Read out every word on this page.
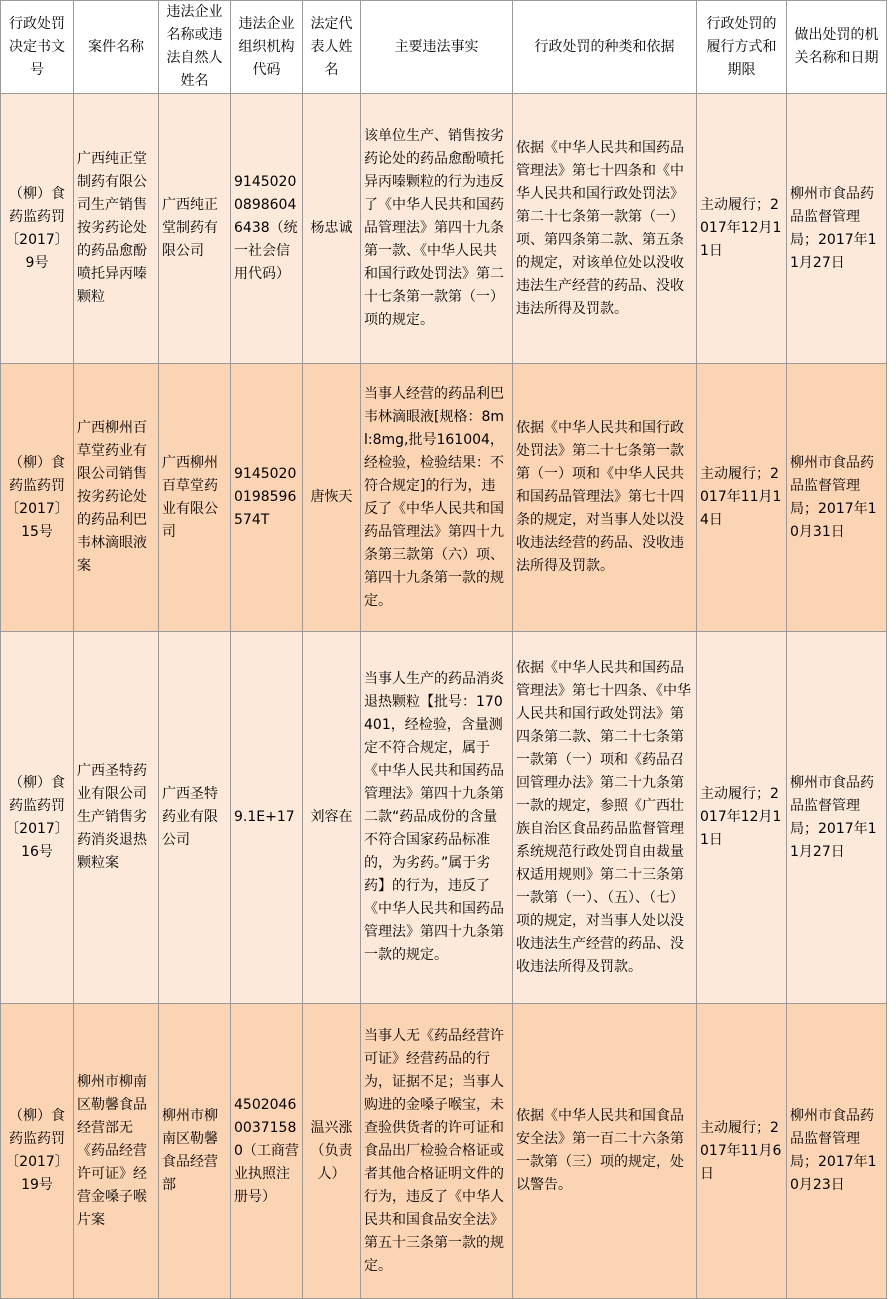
行政处罚决定书文号	案件名称	违法企业名称或违法自然人姓名	违法企业组织机构代码	法定代表人姓名	主要违法事实	行政处罚的种类和依据	行政处罚的履行方式和期限	做出处罚的机关名称和日期
（柳）食药监药罚〔2017〕9号	广西纯正堂制药有限公司生产销售按劣药论处的药品愈酚喷托异丙嗪颗粒	广西纯正堂制药有限公司	914502008986046438（统一社会信用代码）	杨忠诚	该单位生产、销售按劣药论处的药品愈酚喷托异丙嗪颗粒的行为违反了《中华人民共和国药品管理法》第四十九条第一款、《中华人民共和国行政处罚法》第二十七条第一款第（一）项的规定。	依据《中华人民共和国药品管理法》第七十四条和《中华人民共和国行政处罚法》第二十七条第一款第（一）项、第四条第二款、第五条的规定，对该单位处以没收违法生产经营的药品、没收违法所得及罚款。	主动履行；2017年12月11日	柳州市食品药品监督管理局；2017年11月27日
（柳）食药监药罚〔2017〕15号	广西柳州百草堂药业有限公司销售按劣药论处的药品利巴韦林滴眼液案	广西柳州百草堂药业有限公司	91450200198596574T	唐恢天	当事人经营的药品利巴韦林滴眼液[规格：8ml:8mg,批号161004，经检验，检验结果：不符合规定]的行为，违反了《中华人民共和国药品管理法》第四十九条第三款第（六）项、第四十九条第一款的规定。	依据《中华人民共和国行政处罚法》第二十七条第一款第（一）项和《中华人民共和国药品管理法》第七十四条的规定，对当事人处以没收违法经营的药品、没收违法所得及罚款。	主动履行；2017年11月14日	柳州市食品药品监督管理局；2017年10月31日
（柳）食药监药罚〔2017〕16号	广西圣特药业有限公司生产销售劣药消炎退热颗粒案	广西圣特药业有限公司	9.1E+17	刘容在	当事人生产的药品消炎退热颗粒【批号：170401，经检验，含量测定不符合规定，属于《中华人民共和国药品管理法》第四十九条第二款“药品成份的含量不符合国家药品标准的，为劣药。”属于劣药】的行为，违反了《中华人民共和国药品管理法》第四十九条第一款的规定。	依据《中华人民共和国药品管理法》第七十四条、《中华人民共和国行政处罚法》第四条第二款、第二十七条第一款第（一）项和《药品召回管理办法》第二十九条第一款的规定，参照《广西壮族自治区食品药品监督管理系统规范行政处罚自由裁量权适用规则》第二十三条第一款第（一）、（五）、（七）项的规定，对当事人处以没收违法生产经营的药品、没收违法所得及罚款。	主动履行；2017年12月11日	柳州市食品药品监督管理局；2017年11月27日
（柳）食药监药罚〔2017〕19号	柳州市柳南区勒馨食品经营部无《药品经营许可证》经营金嗓子喉片案	柳州市柳南区勒馨食品经营部	450204600371580（工商营业执照注册号）	温兴涨（负责人）	当事人无《药品经营许可证》经营药品的行为，证据不足；当事人购进的金嗓子喉宝，未查验供货者的许可证和食品出厂检验合格证或者其他合格证明文件的行为，违反了《中华人民共和国食品安全法》第五十三条第一款的规定。	依据《中华人民共和国食品安全法》第一百二十六条第一款第（三）项的规定，处以警告。	主动履行；2017年11月6日	柳州市食品药品监督管理局；2017年10月23日
